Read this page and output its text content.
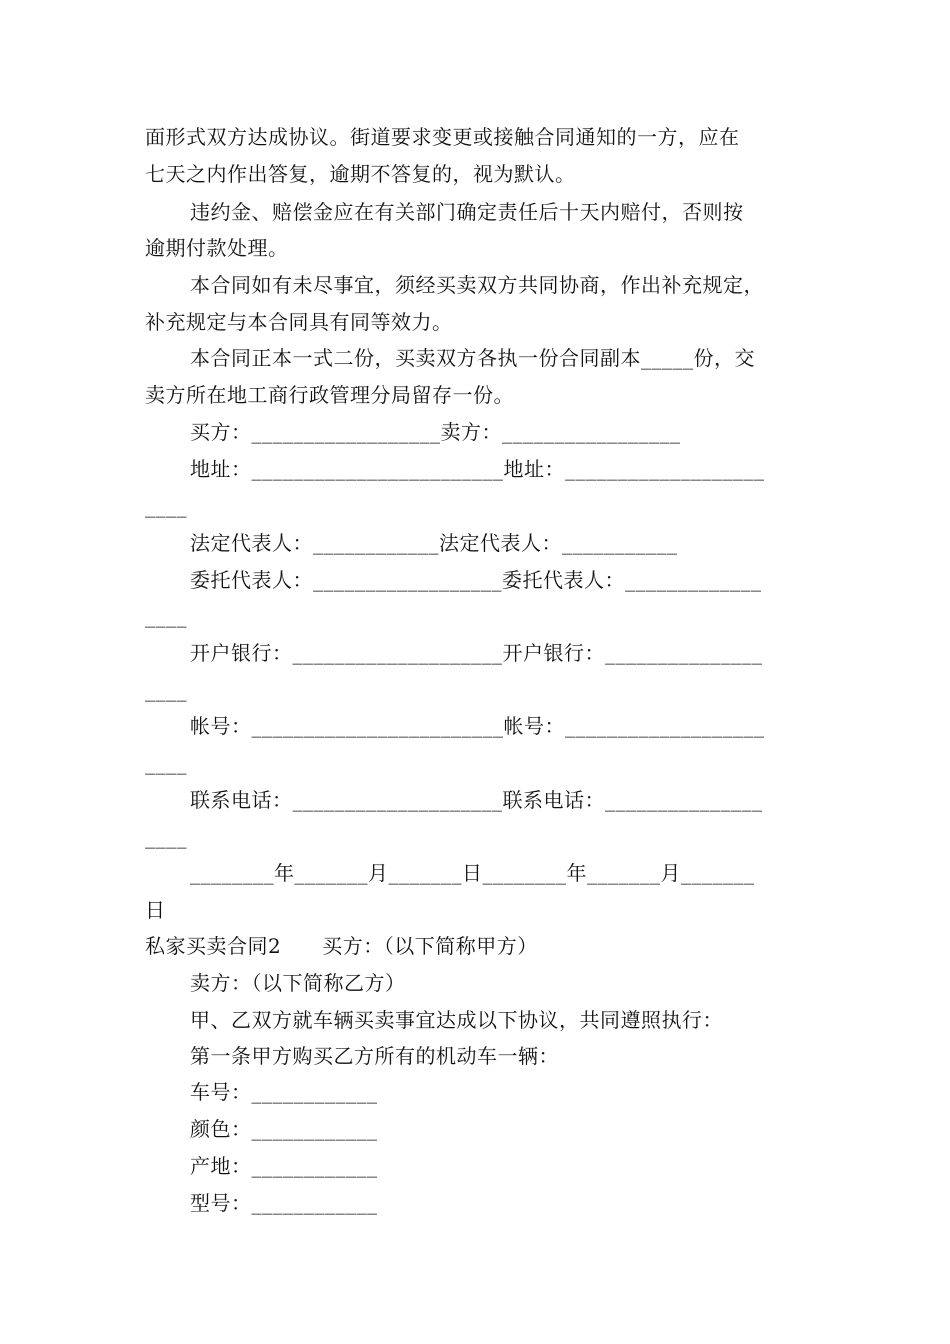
面形式双方达成协议。街道要求变更或接触合同通知的一方，应在
七天之内作出答复，逾期不答复的，视为默认。
违约金、赔偿金应在有关部门确定责任后十天内赔付，否则按
逾期付款处理。
本合同如有未尽事宜，须经买卖双方共同协商，作出补充规定，
补充规定与本合同具有同等效力。
本合同正本一式二份，买卖双方各执一份合同副本_____份，交
卖方所在地工商行政管理分局留存一份。
买方：__________________卖方：_________________
地址：________________________地址：___________________
____
法定代表人：____________法定代表人：___________
委托代表人：__________________委托代表人：_____________
____
开户银行：____________________开户银行：_______________
____
帐号：________________________帐号：___________________
____
联系电话：____________________联系电话：_______________
____
________年_______月_______日________年_______月_______
日
私家买卖合同2　　买方：（以下简称甲方）
卖方：（以下简称乙方）
甲、乙双方就车辆买卖事宜达成以下协议，共同遵照执行：
第一条甲方购买乙方所有的机动车一辆：
车号：____________
颜色：____________
产地：____________
型号：____________
